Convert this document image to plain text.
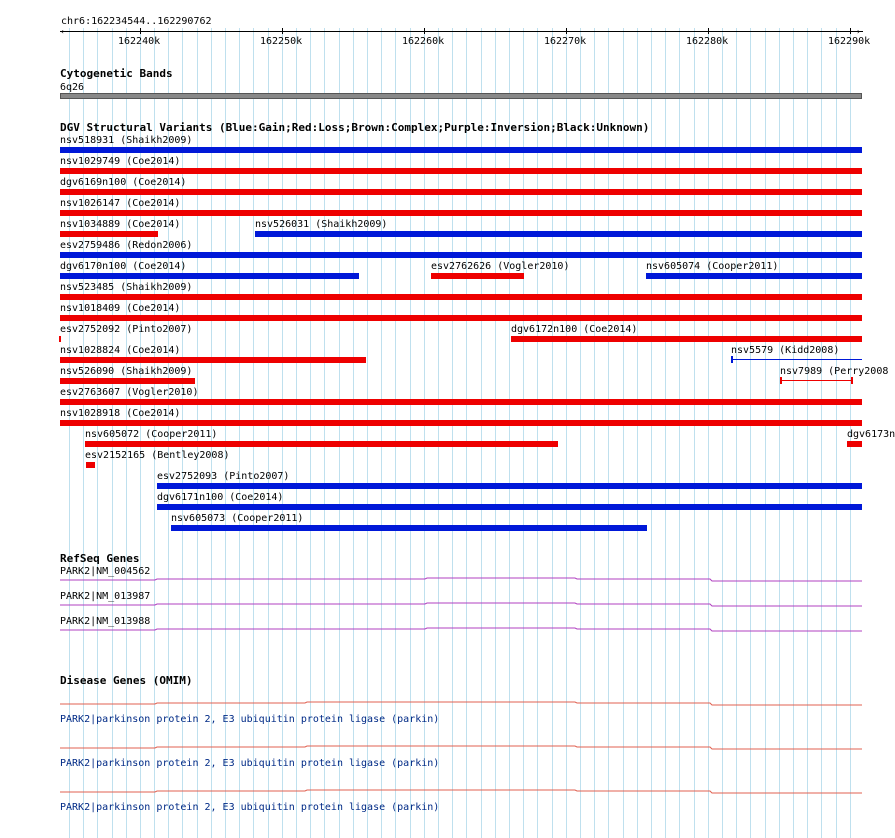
chr6:162234544..162290762
‹	›
162240k	162250k	162260k	162270k	162280k	162290k
Cytogenetic Bands
6q26
DGV Structural Variants (Blue:Gain;Red:Loss;Brown:Complex;Purple:Inversion;Black:Unknown)
nsv518931 (Shaikh2009)
nsv1029749 (Coe2014)
dgv6169n100 (Coe2014)
nsv1026147 (Coe2014)
nsv1034889 (Coe2014)	nsv526031 (Shaikh2009)
esv2759486 (Redon2006)
dgv6170n100 (Coe2014)	esv2762626 (Vogler2010)	nsv605074 (Cooper2011)
nsv523485 (Shaikh2009)
nsv1018409 (Coe2014)
esv2752092 (Pinto2007)	dgv6172n100 (Coe2014)
nsv1028824 (Coe2014)	nsv5579 (Kidd2008)
nsv526090 (Shaikh2009)	nsv7989 (Perry2008
esv2763607 (Vogler2010)
nsv1028918 (Coe2014)
nsv605072 (Cooper2011)	dgv6173n
esv2152165 (Bentley2008)
esv2752093 (Pinto2007)
dgv6171n100 (Coe2014)
nsv605073 (Cooper2011)
RefSeq Genes
PARK2|NM_004562
PARK2|NM_013987
PARK2|NM_013988
Disease Genes (OMIM)
PARK2|parkinson protein 2, E3 ubiquitin protein ligase (parkin)
PARK2|parkinson protein 2, E3 ubiquitin protein ligase (parkin)
PARK2|parkinson protein 2, E3 ubiquitin protein ligase (parkin)
